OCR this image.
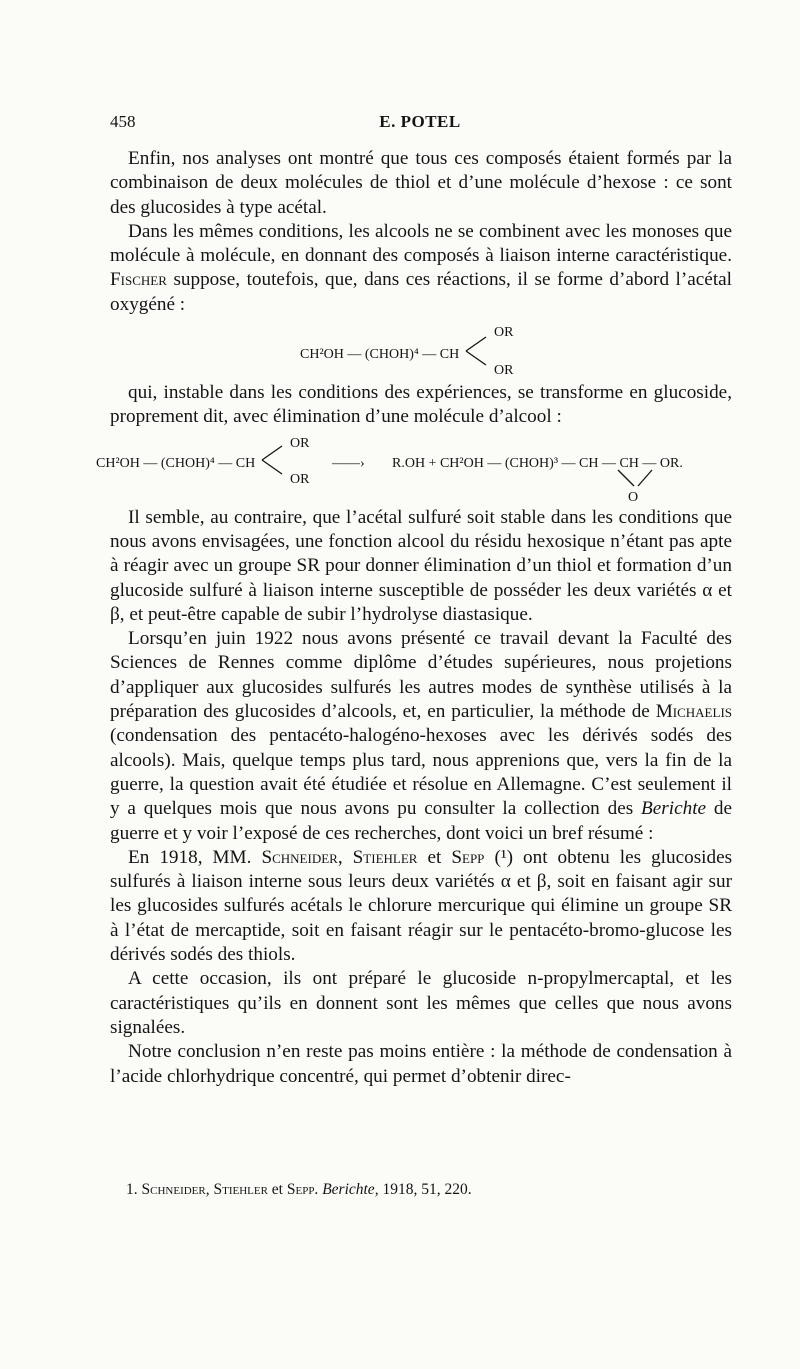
458	E. POTEL

Enfin, nos analyses ont montré que tous ces composés étaient formés par la combinaison de deux molécules de thiol et d’une molécule d’hexose : ce sont des glucosides à type acétal.

Dans les mêmes conditions, les alcools ne se combinent avec les monoses que molécule à molécule, en donnant des composés à liaison interne caractéristique. Fischer suppose, toutefois, que, dans ces réactions, il se forme d’abord l’acétal oxygéné :

CH²OH — (CHOH)⁴ — CH
OR
OR

qui, instable dans les conditions des expériences, se transforme en glucoside, proprement dit, avec élimination d’une molécule d’alcool :

CH²OH — (CHOH)⁴ — CH
OR
OR
——› R.OH + CH²OH — (CHOH)³ — CH — CH — OR.
O

Il semble, au contraire, que l’acétal sulfuré soit stable dans les conditions que nous avons envisagées, une fonction alcool du résidu hexosique n’étant pas apte à réagir avec un groupe SR pour donner élimination d’un thiol et formation d’un glucoside sulfuré à liaison interne susceptible de posséder les deux variétés α et β, et peut-être capable de subir l’hydrolyse diastasique.

Lorsqu’en juin 1922 nous avons présenté ce travail devant la Faculté des Sciences de Rennes comme diplôme d’études supérieures, nous projetions d’appliquer aux glucosides sulfurés les autres modes de synthèse utilisés à la préparation des glucosides d’alcools, et, en particulier, la méthode de Michaelis (condensation des pentacéto-halogéno-hexoses avec les dérivés sodés des alcools). Mais, quelque temps plus tard, nous apprenions que, vers la fin de la guerre, la question avait été étudiée et résolue en Allemagne. C’est seulement il y a quelques mois que nous avons pu consulter la collection des Berichte de guerre et y voir l’exposé de ces recherches, dont voici un bref résumé :

En 1918, MM. Schneider, Stiehler et Sepp (¹) ont obtenu les glucosides sulfurés à liaison interne sous leurs deux variétés α et β, soit en faisant agir sur les glucosides sulfurés acétals le chlorure mercurique qui élimine un groupe SR à l’état de mercaptide, soit en faisant réagir sur le pentacéto-bromo-glucose les dérivés sodés des thiols.

A cette occasion, ils ont préparé le glucoside n-propylmercaptal, et les caractéristiques qu’ils en donnent sont les mêmes que celles que nous avons signalées.

Notre conclusion n’en reste pas moins entière : la méthode de condensation à l’acide chlorhydrique concentré, qui permet d’obtenir direc-

1. Schneider, Stiehler et Sepp. Berichte, 1918, 51, 220.
